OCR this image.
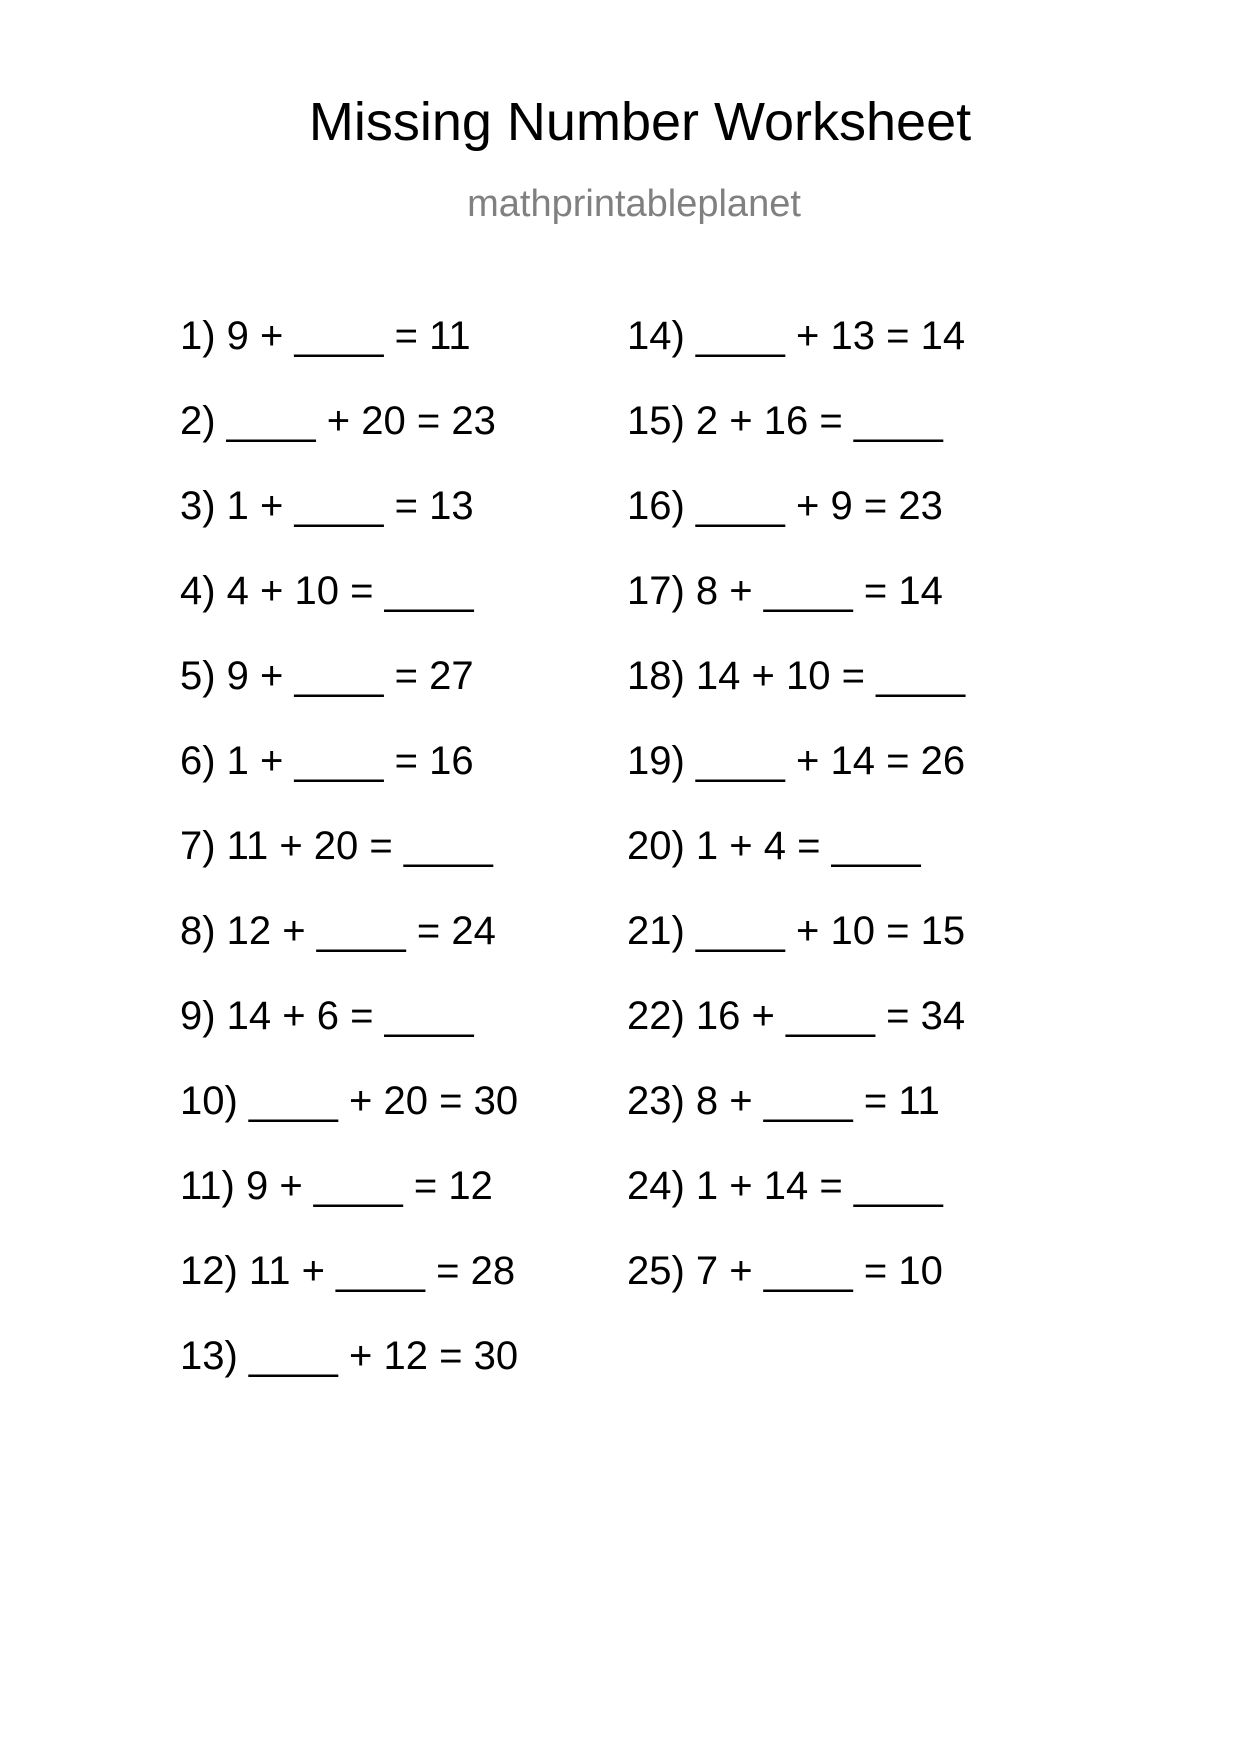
Missing Number Worksheet
mathprintableplanet
1) 9 + ____ = 11
2) ____ + 20 = 23
3) 1 + ____ = 13
4) 4 + 10 = ____
5) 9 + ____ = 27
6) 1 + ____ = 16
7) 11 + 20 = ____
8) 12 + ____ = 24
9) 14 + 6 = ____
10) ____ + 20 = 30
11) 9 + ____ = 12
12) 11 + ____ = 28
13) ____ + 12 = 30
14) ____ + 13 = 14
15) 2 + 16 = ____
16) ____ + 9 = 23
17) 8 + ____ = 14
18) 14 + 10 = ____
19) ____ + 14 = 26
20) 1 + 4 = ____
21) ____ + 10 = 15
22) 16 + ____ = 34
23) 8 + ____ = 11
24) 1 + 14 = ____
25) 7 + ____ = 10
